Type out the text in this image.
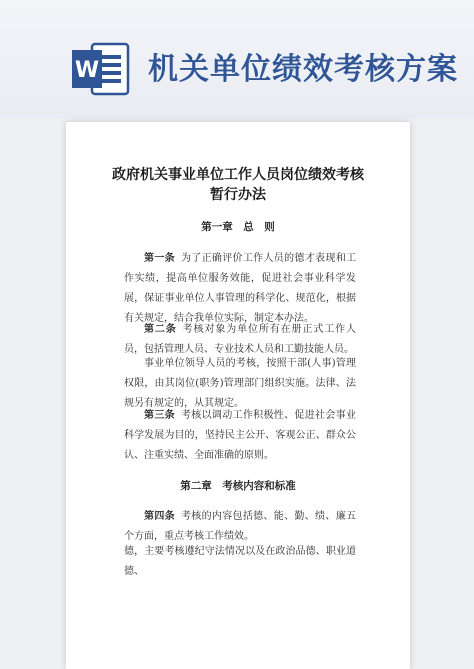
W 机关单位绩效考核方案
政府机关事业单位工作人员岗位绩效考核
暂行办法
第一章　总　则

第一条 为了正确评价工作人员的德才表现和工作实绩，提高单位服务效能，促进社会事业科学发展，保证事业单位人事管理的科学化、规范化，根据有关规定，结合我单位实际，制定本办法。

第二条 考核对象为单位所有在册正式工作人员，包括管理人员、专业技术人员和工勤技能人员。

事业单位领导人员的考核，按照干部(人事)管理权限，由其岗位(职务)管理部门组织实施。法律、法规另有规定的，从其规定。

第三条 考核以调动工作积极性、促进社会事业科学发展为目的，坚持民主公开、客观公正、群众公认、注重实绩、全面准确的原则。

第二章　考核内容和标准

第四条 考核的内容包括德、能、勤、绩、廉五个方面，重点考核工作绩效。

德，主要考核遵纪守法情况以及在政治品德、职业道德、
